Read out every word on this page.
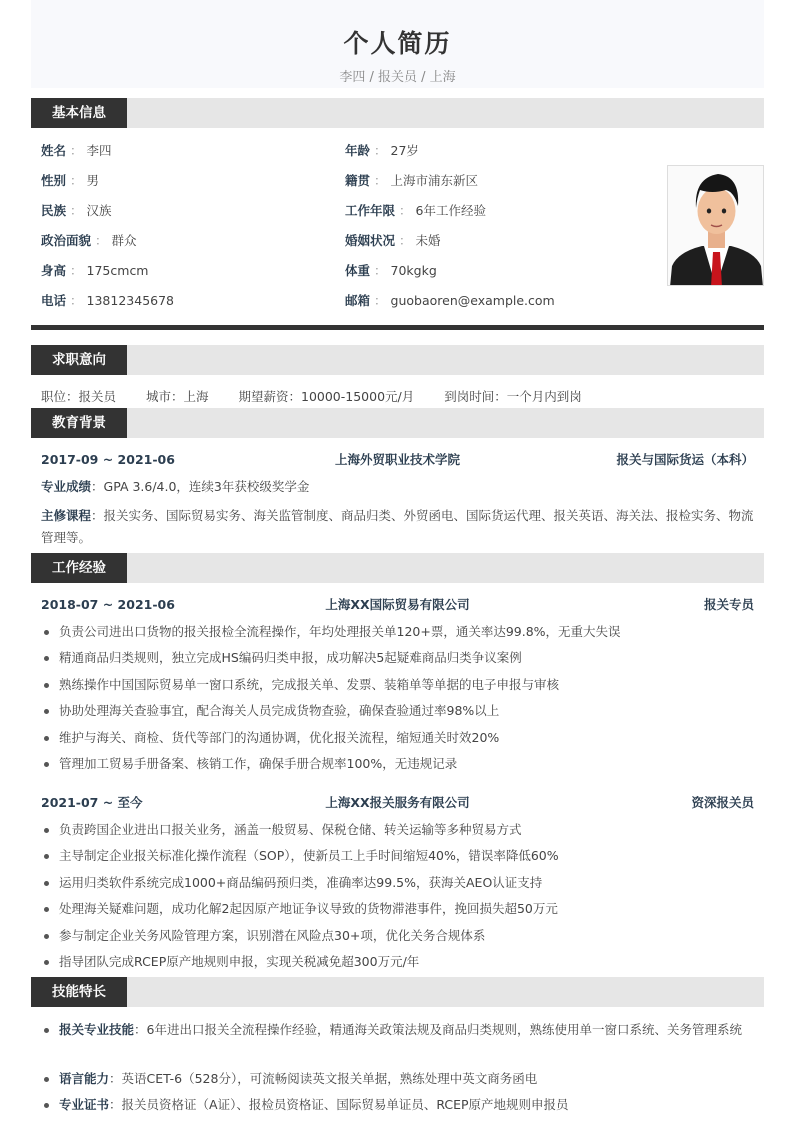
个人简历
李四 / 报关员 / 上海
基本信息
姓名 ： 李四
性别 ： 男
民族 ： 汉族
政治面貌 ： 群众
身高 ： 175cmcm
电话 ： 13812345678
年龄 ： 27岁
籍贯 ： 上海市浦东新区
工作年限 ： 6年工作经验
婚姻状况 ： 未婚
体重 ： 70kgkg
邮箱 ： guobaoren@example.com
求职意向
职位：报关员 城市：上海 期望薪资：10000-15000元/月 到岗时间：一个月内到岗
教育背景
2017-09 ~ 2021-06	上海外贸职业技术学院	报关与国际货运（本科）
专业成绩：GPA 3.6/4.0，连续3年获校级奖学金
主修课程：报关实务、国际贸易实务、海关监管制度、商品归类、外贸函电、国际货运代理、报关英语、海关法、报检实务、物流管理等。
工作经验
2018-07 ~ 2021-06	上海XX国际贸易有限公司	报关专员
负责公司进出口货物的报关报检全流程操作，年均处理报关单120+票，通关率达99.8%，无重大失误
精通商品归类规则，独立完成HS编码归类申报，成功解决5起疑难商品归类争议案例
熟练操作中国国际贸易单一窗口系统，完成报关单、发票、装箱单等单据的电子申报与审核
协助处理海关查验事宜，配合海关人员完成货物查验，确保查验通过率98%以上
维护与海关、商检、货代等部门的沟通协调，优化报关流程，缩短通关时效20%
管理加工贸易手册备案、核销工作，确保手册合规率100%，无违规记录
2021-07 ~ 至今	上海XX报关服务有限公司	资深报关员
负责跨国企业进出口报关业务，涵盖一般贸易、保税仓储、转关运输等多种贸易方式
主导制定企业报关标准化操作流程（SOP），使新员工上手时间缩短40%，错误率降低60%
运用归类软件系统完成1000+商品编码预归类，准确率达99.5%，获海关AEO认证支持
处理海关疑难问题，成功化解2起因原产地证争议导致的货物滞港事件，挽回损失超50万元
参与制定企业关务风险管理方案，识别潜在风险点30+项，优化关务合规体系
指导团队完成RCEP原产地规则申报，实现关税减免超300万元/年
技能特长
报关专业技能：6年进出口报关全流程操作经验，精通海关政策法规及商品归类规则，熟练使用单一窗口系统、关务管理系统
语言能力：英语CET-6（528分），可流畅阅读英文报关单据，熟练处理中英文商务函电
专业证书：报关员资格证（A证）、报检员资格证、国际贸易单证员、RCEP原产地规则申报员
